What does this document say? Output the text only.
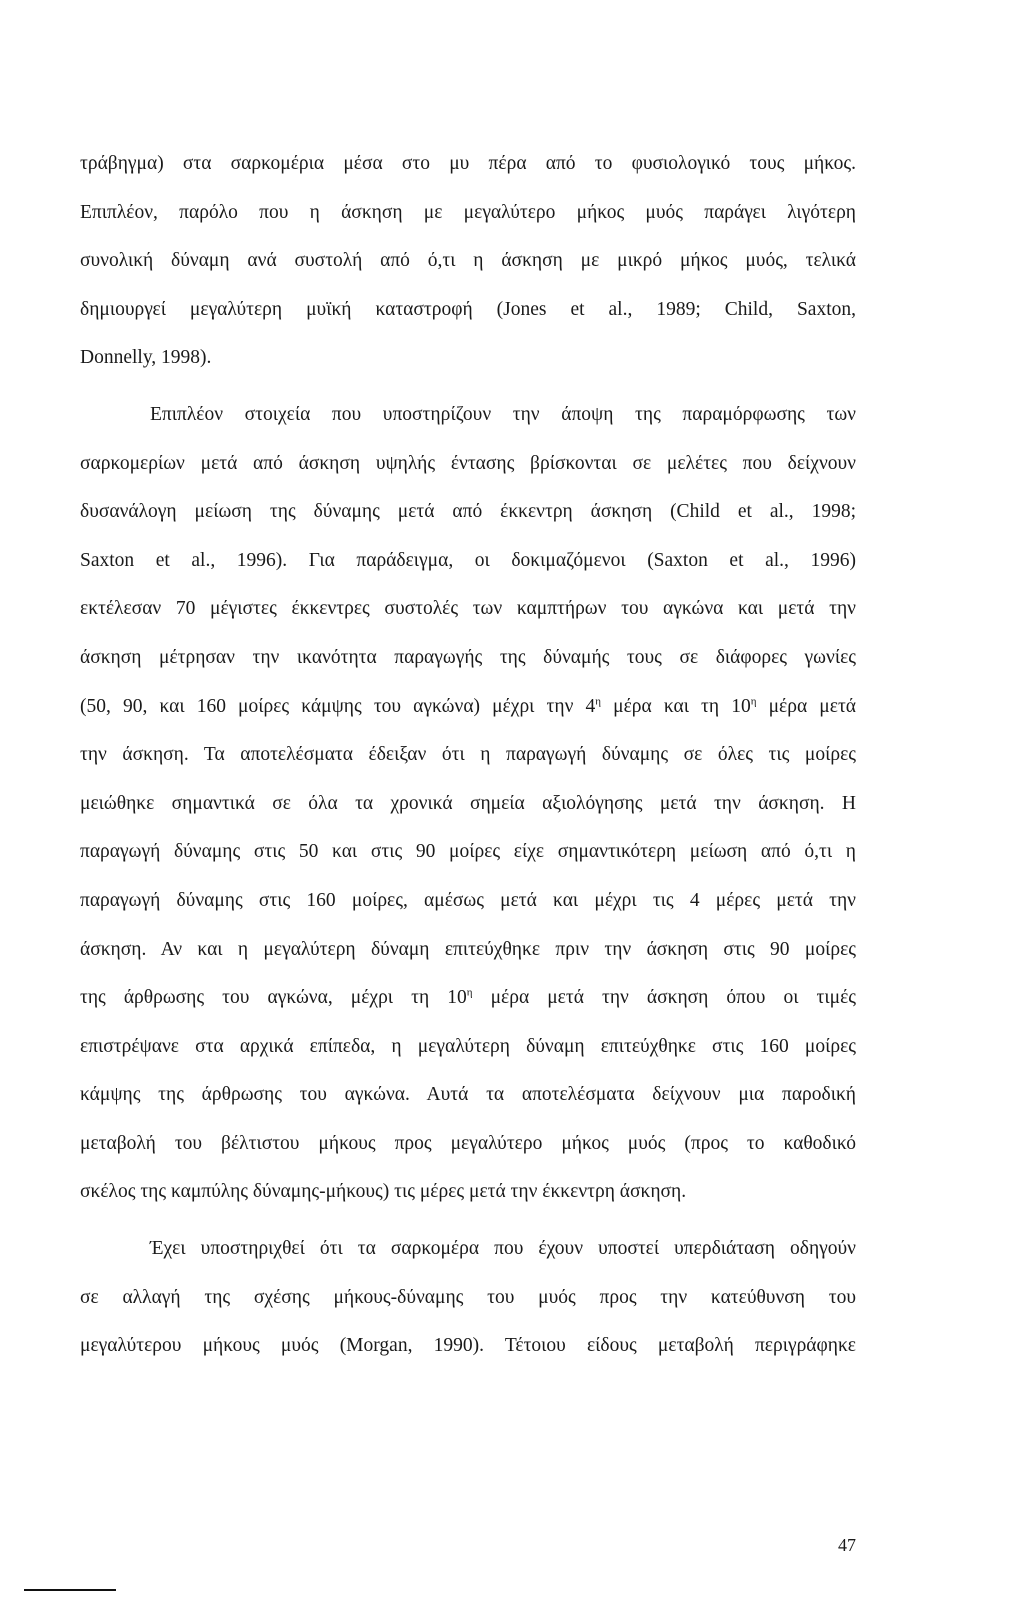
τράβηγμα) στα σαρκομέρια μέσα στο μυ πέρα από το φυσιολογικό τους μήκος.
Επιπλέον, παρόλο που η άσκηση με μεγαλύτερο μήκος μυός παράγει λιγότερη
συνολική δύναμη ανά συστολή από ό,τι η άσκηση με μικρό μήκος μυός, τελικά
δημιουργεί μεγαλύτερη μυϊκή καταστροφή (Jones et al., 1989; Child, Saxton,
Donnelly, 1998).
Επιπλέον στοιχεία που υποστηρίζουν την άποψη της παραμόρφωσης των
σαρκομερίων μετά από άσκηση υψηλής έντασης βρίσκονται σε μελέτες που δείχνουν
δυσανάλογη μείωση της δύναμης μετά από έκκεντρη άσκηση (Child et al., 1998;
Saxton et al., 1996). Για παράδειγμα, οι δοκιμαζόμενοι (Saxton et al., 1996)
εκτέλεσαν 70 μέγιστες έκκεντρες συστολές των καμπτήρων του αγκώνα και μετά την
άσκηση μέτρησαν την ικανότητα παραγωγής της δύναμής τους σε διάφορες γωνίες
(50, 90, και 160 μοίρες κάμψης του αγκώνα) μέχρι την $4^\eta$ μέρα και τη $10^\eta$ μέρα μετά
την άσκηση. Τα αποτελέσματα έδειξαν ότι η παραγωγή δύναμης σε όλες τις μοίρες
μειώθηκε σημαντικά σε όλα τα χρονικά σημεία αξιολόγησης μετά την άσκηση. Η
παραγωγή δύναμης στις 50 και στις 90 μοίρες είχε σημαντικότερη μείωση από ό,τι η
παραγωγή δύναμης στις 160 μοίρες, αμέσως μετά και μέχρι τις 4 μέρες μετά την
άσκηση. Αν και η μεγαλύτερη δύναμη επιτεύχθηκε πριν την άσκηση στις 90 μοίρες
της άρθρωσης του αγκώνα, μέχρι τη $10^\eta$ μέρα μετά την άσκηση όπου οι τιμές
επιστρέψανε στα αρχικά επίπεδα, η μεγαλύτερη δύναμη επιτεύχθηκε στις 160 μοίρες
κάμψης της άρθρωσης του αγκώνα. Αυτά τα αποτελέσματα δείχνουν μια παροδική
μεταβολή του βέλτιστου μήκους προς μεγαλύτερο μήκος μυός (προς το καθοδικό
σκέλος της καμπύλης δύναμης-μήκους) τις μέρες μετά την έκκεντρη άσκηση.
Έχει υποστηριχθεί ότι τα σαρκομέρα που έχουν υποστεί υπερδιάταση οδηγούν
σε αλλαγή της σχέσης μήκους-δύναμης του μυός προς την κατεύθυνση του
μεγαλύτερου μήκους μυός (Morgan, 1990). Τέτοιου είδους μεταβολή περιγράφηκε
47
